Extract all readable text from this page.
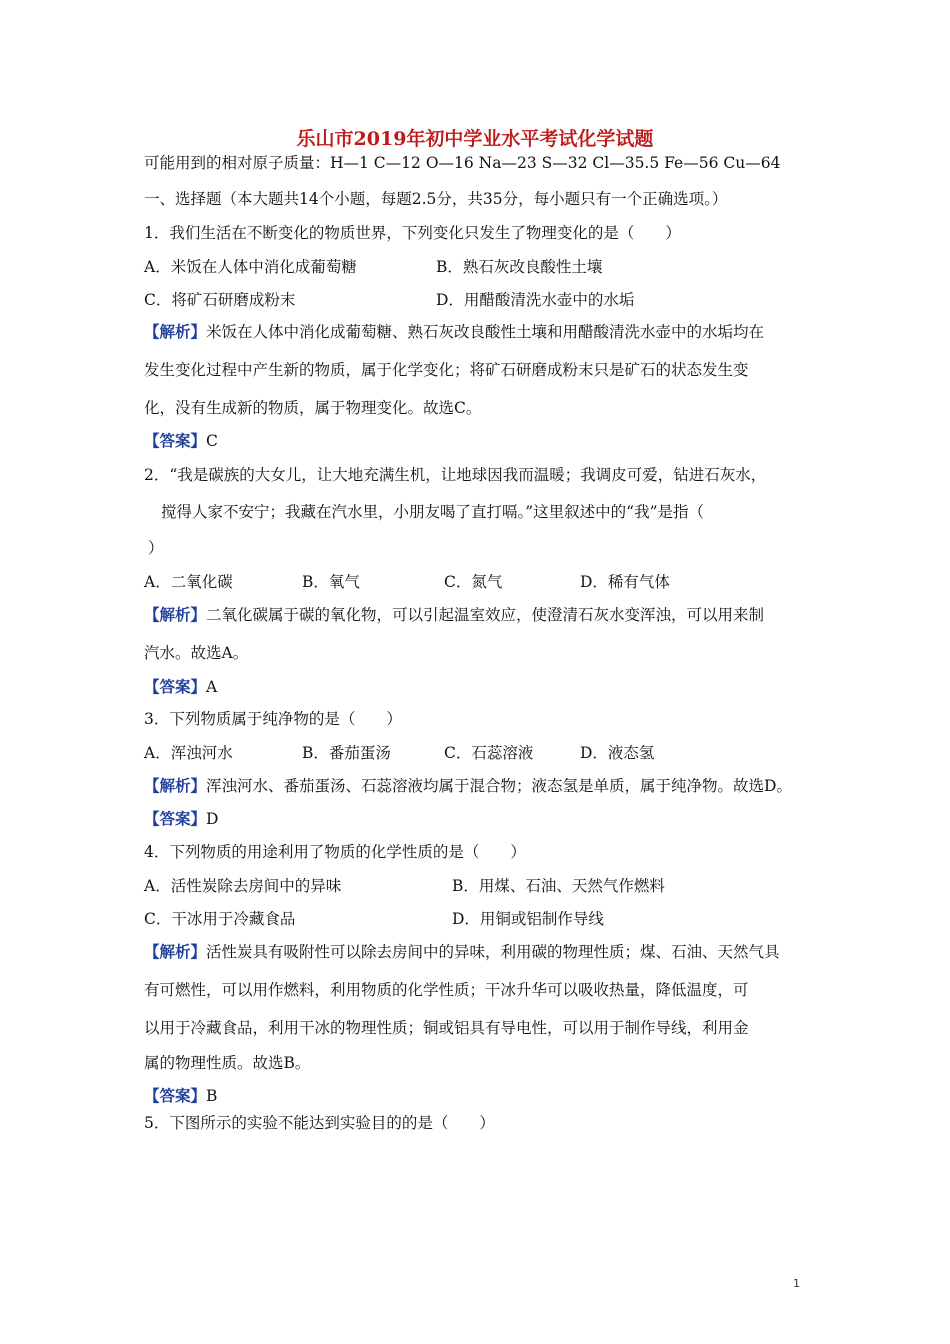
乐山市2019年初中学业水平考试化学试题
可能用到的相对原子质量：H—1 C—12 O—16 Na—23 S—32 Cl—35.5 Fe—56 Cu—64
一、选择题（本大题共14个小题，每题2.5分，共35分，每小题只有一个正确选项。）
1．我们生活在不断变化的物质世界，下列变化只发生了物理变化的是（　　）
A．米饭在人体中消化成葡萄糖	B．熟石灰改良酸性土壤
C．将矿石研磨成粉末	D．用醋酸清洗水壶中的水垢
【解析】米饭在人体中消化成葡萄糖、熟石灰改良酸性土壤和用醋酸清洗水壶中的水垢均在
发生变化过程中产生新的物质，属于化学变化；将矿石研磨成粉末只是矿石的状态发生变
化，没有生成新的物质，属于物理变化。故选C。
【答案】C
2．“我是碳族的大女儿，让大地充满生机，让地球因我而温暖；我调皮可爱，钻进石灰水，
搅得人家不安宁；我藏在汽水里，小朋友喝了直打嗝。”这里叙述中的“我”是指（
）
A．二氧化碳	B．氧气	C．氮气	D．稀有气体
【解析】二氧化碳属于碳的氧化物，可以引起温室效应，使澄清石灰水变浑浊，可以用来制
汽水。故选A。
【答案】A
3．下列物质属于纯净物的是（　　）
A．浑浊河水	B．番茄蛋汤	C．石蕊溶液	D．液态氢
【解析】浑浊河水、番茄蛋汤、石蕊溶液均属于混合物；液态氢是单质，属于纯净物。故选D。
【答案】D
4．下列物质的用途利用了物质的化学性质的是（　　）
A．活性炭除去房间中的异味	B．用煤、石油、天然气作燃料
C．干冰用于冷藏食品	D．用铜或铝制作导线
【解析】活性炭具有吸附性可以除去房间中的异味，利用碳的物理性质；煤、石油、天然气具
有可燃性，可以用作燃料，利用物质的化学性质；干冰升华可以吸收热量，降低温度，可
以用于冷藏食品，利用干冰的物理性质；铜或铝具有导电性，可以用于制作导线，利用金
属的物理性质。故选B。
【答案】B
5．下图所示的实验不能达到实验目的的是（　　）
1
